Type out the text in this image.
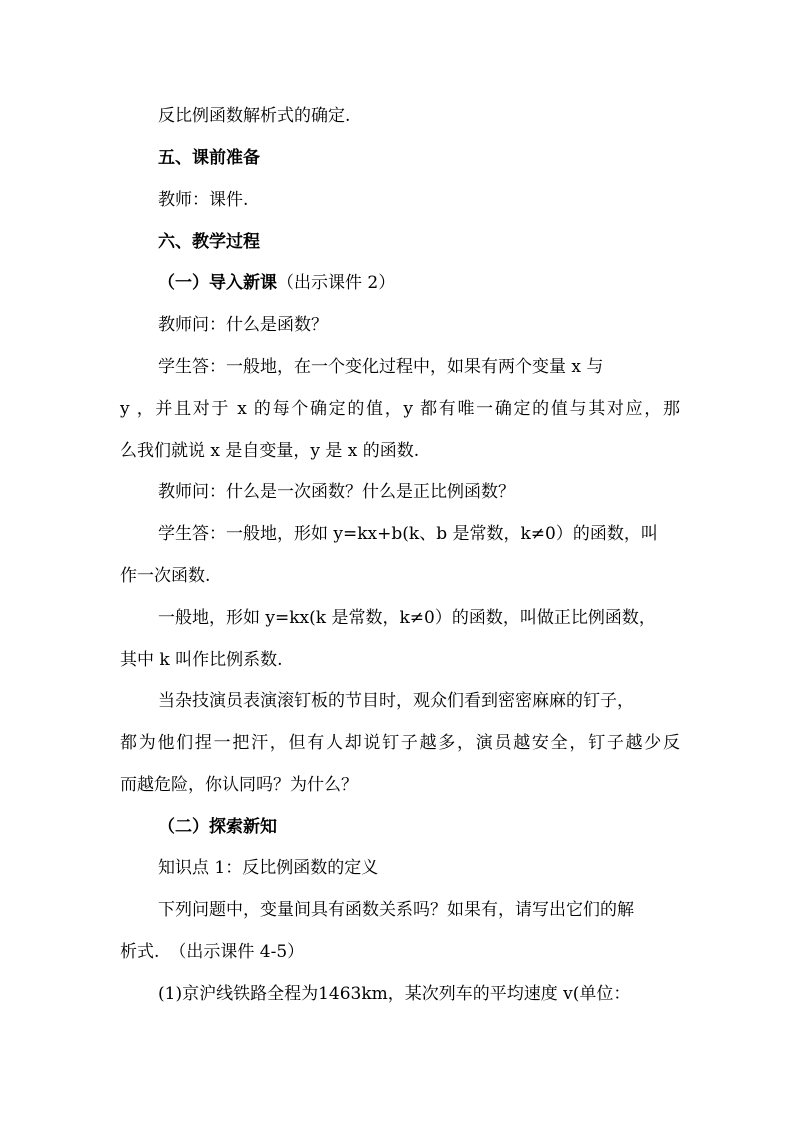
反比例函数解析式的确定.
五、课前准备
教师：课件.
六、教学过程
（一）导入新课（出示课件 2）
教师问：什么是函数？
学生答：一般地，在一个变化过程中，如果有两个变量 x 与
y ，并且对于 x 的每个确定的值，y 都有唯一确定的值与其对应，那
么我们就说 x 是自变量，y 是 x 的函数.
教师问：什么是一次函数？什么是正比例函数？
学生答：一般地，形如 y=kx+b(k、b 是常数，k≠0）的函数，叫
作一次函数.
一般地，形如 y=kx(k 是常数，k≠0）的函数，叫做正比例函数，
其中 k 叫作比例系数.
当杂技演员表演滚钉板的节目时，观众们看到密密麻麻的钉子，
都为他们捏一把汗，但有人却说钉子越多，演员越安全，钉子越少反
而越危险，你认同吗？为什么？
（二）探索新知
知识点 1：反比例函数的定义
下列问题中，变量间具有函数关系吗？如果有，请写出它们的解
析式. （出示课件 4-5）
(1)京沪线铁路全程为1463km，某次列车的平均速度 v(单位：
